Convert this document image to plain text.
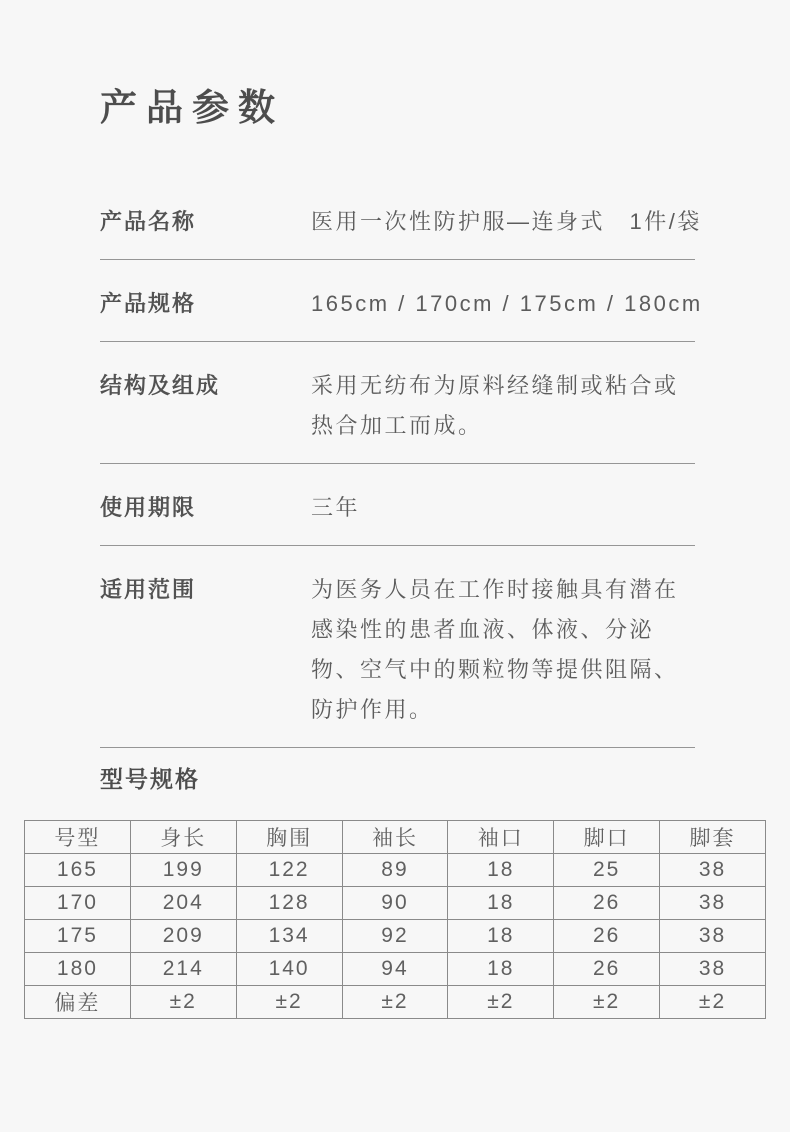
产品参数
产品名称	医用一次性防护服—连身式　1件/袋
产品规格	165cm / 170cm / 175cm / 180cm
结构及组成	采用无纺布为原料经缝制或粘合或热合加工而成。
使用期限	三年
适用范围	为医务人员在工作时接触具有潜在感染性的患者血液、体液、分泌物、空气中的颗粒物等提供阻隔、防护作用。
型号规格
号型	身长	胸围	袖长	袖口	脚口	脚套
165	199	122	89	18	25	38
170	204	128	90	18	26	38
175	209	134	92	18	26	38
180	214	140	94	18	26	38
偏差	±2	±2	±2	±2	±2	±2
